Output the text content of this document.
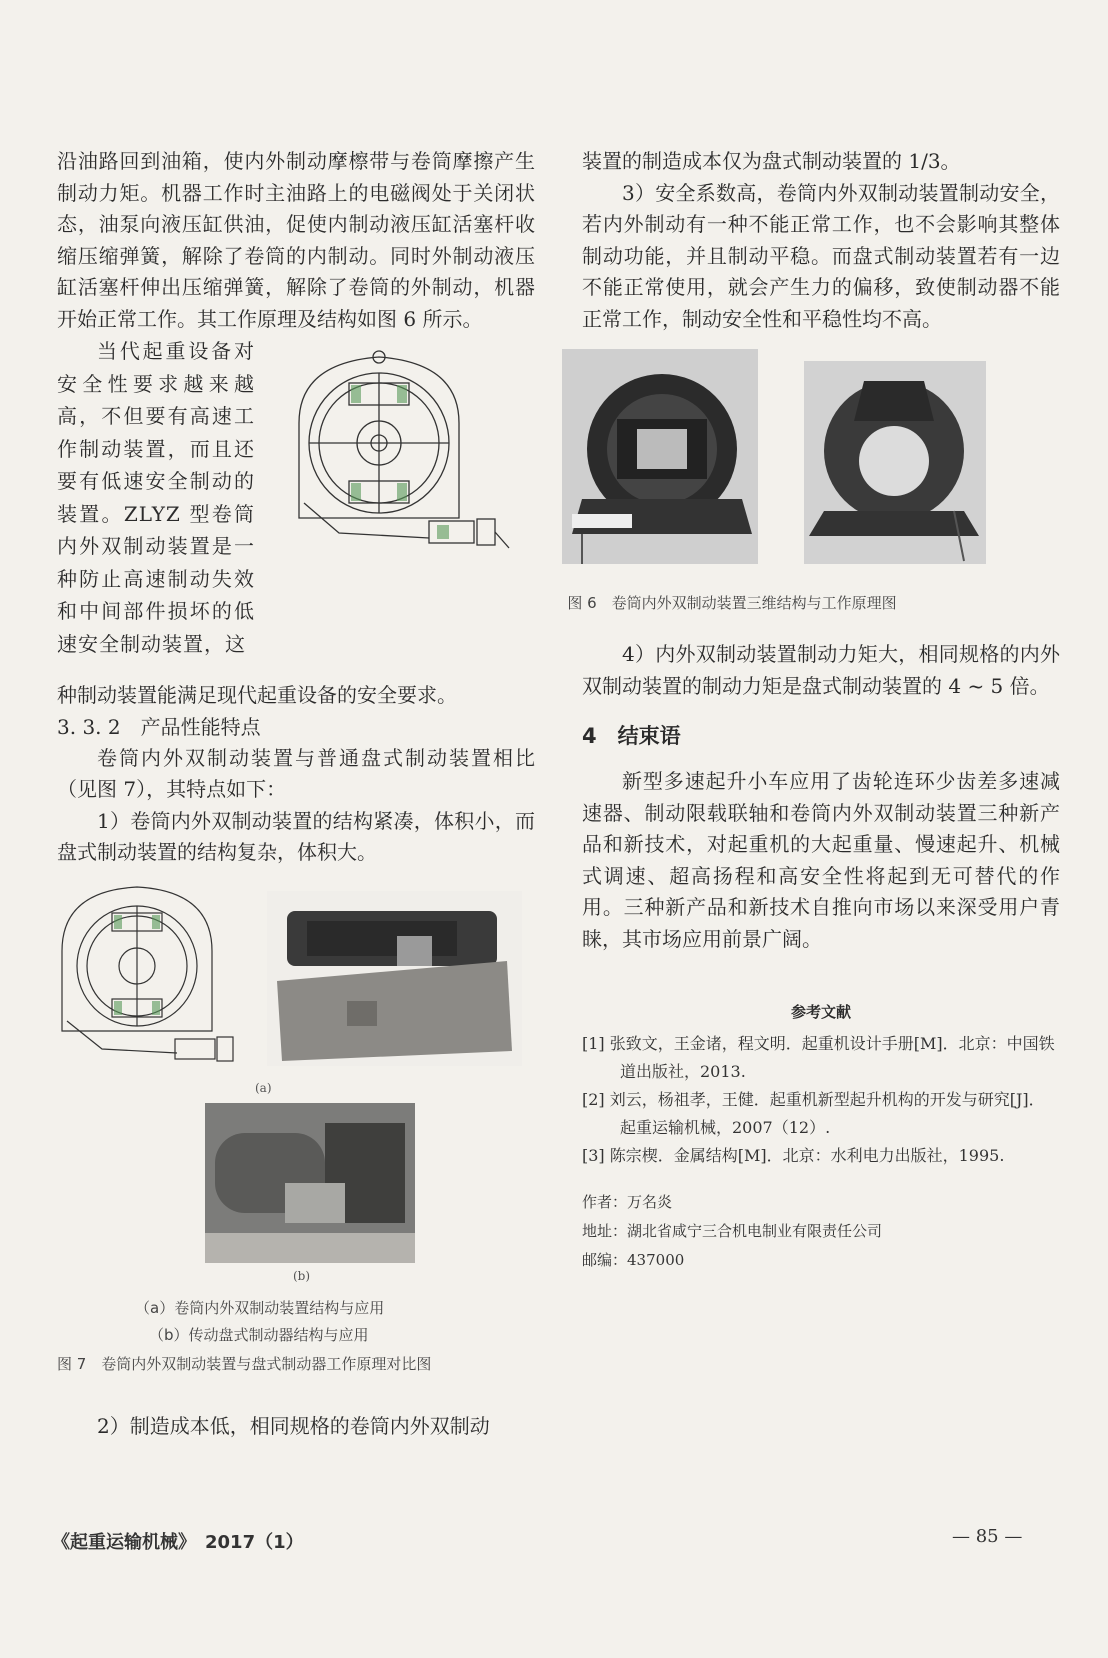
沿油路回到油箱，使内外制动摩檫带与卷筒摩擦产生制动力矩。机器工作时主油路上的电磁阀处于关闭状态，油泵向液压缸供油，促使内制动液压缸活塞杆收缩压缩弹簧，解除了卷筒的内制动。同时外制动液压缸活塞杆伸出压缩弹簧，解除了卷筒的外制动，机器开始正常工作。其工作原理及结构如图 6 所示。

当代起重设备对安全性要求越来越高，不但要有高速工作制动装置，而且还要有低速安全制动的装置。ZLYZ 型卷筒内外双制动装置是一种防止高速制动失效和中间部件损坏的低速安全制动装置，这

种制动装置能满足现代起重设备的安全要求。

3. 3. 2　产品性能特点

卷筒内外双制动装置与普通盘式制动装置相比（见图 7），其特点如下：

1）卷筒内外双制动装置的结构紧凑，体积小，而盘式制动装置的结构复杂，体积大。

(a)
(b)
（a）卷筒内外双制动装置结构与应用
（b）传动盘式制动器结构与应用
图 7　卷筒内外双制动装置与盘式制动器工作原理对比图

2）制造成本低，相同规格的卷筒内外双制动

装置的制造成本仅为盘式制动装置的 1/3。

3）安全系数高，卷筒内外双制动装置制动安全，若内外制动有一种不能正常工作，也不会影响其整体制动功能，并且制动平稳。而盘式制动装置若有一边不能正常使用，就会产生力的偏移，致使制动器不能正常工作，制动安全性和平稳性均不高。

图 6　卷筒内外双制动装置三维结构与工作原理图

4）内外双制动装置制动力矩大，相同规格的内外双制动装置的制动力矩是盘式制动装置的 4 ~ 5 倍。

4　结束语

新型多速起升小车应用了齿轮连环少齿差多速减速器、制动限载联轴和卷筒内外双制动装置三种新产品和新技术，对起重机的大起重量、慢速起升、机械式调速、超高扬程和高安全性将起到无可替代的作用。三种新产品和新技术自推向市场以来深受用户青睐，其市场应用前景广阔。

参考文献
[1] 张致文，王金诸，程文明．起重机设计手册[M]．北京：中国铁道出版社，2013.
[2] 刘云，杨祖孝，王健．起重机新型起升机构的开发与研究[J]．起重运输机械，2007（12）.
[3] 陈宗楔．金属结构[M]．北京：水利电力出版社，1995.
作者：万名炎
地址：湖北省咸宁三合机电制业有限责任公司
邮编：437000
《起重运输机械》　2017（1）	— 85 —
